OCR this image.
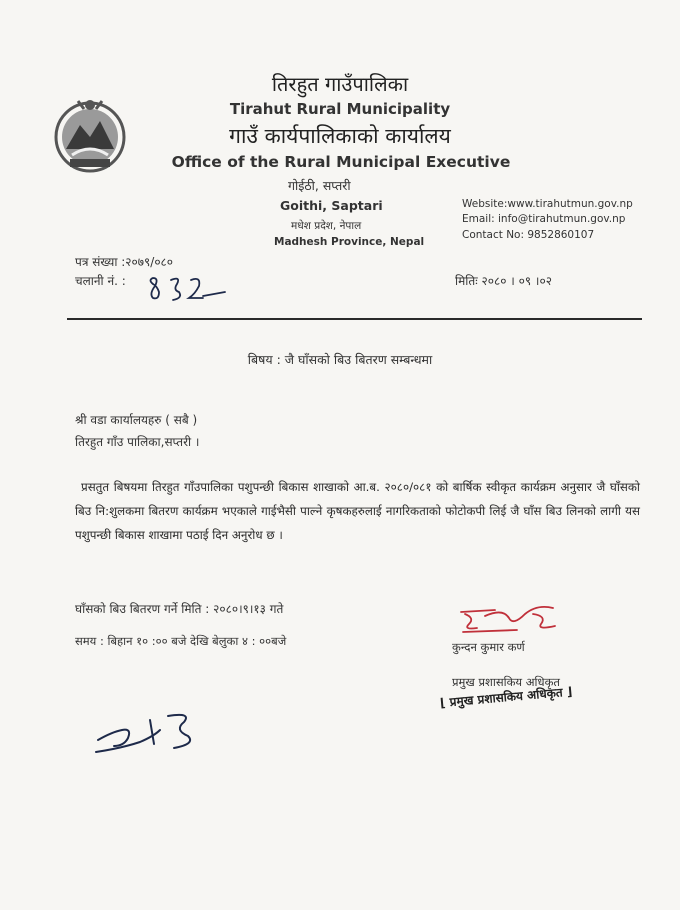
तिरहुत गाउँपालिका
Tirahut Rural Municipality
गाउँ कार्यपालिकाको कार्यालय
Office of the Rural Municipal Executive
गोईठी, सप्तरी
Goithi, Saptari
मधेश प्रदेश, नेपाल
Madhesh Province, Nepal
Website:www.tirahutmun.gov.np
Email: info@tirahutmun.gov.np
Contact No: 9852860107
पत्र संख्या :२०७९/०८०
चलानी नं. :	मितिः २०८० । ०९ ।०२
बिषय : जै घाँसको बिउ बितरण सम्बन्धमा
श्री वडा कार्यालयहरु ( सबै )
तिरहुत गाँउ पालिका,सप्तरी ।
प्रसतुत बिषयमा तिरहुत गाँउपालिका पशुपन्छी बिकास शाखाको आ.ब. २०८०/०८१ को बार्षिक स्वीकृत कार्यक्रम अनुसार जै घाँसको बिउ नि:शुलकमा बितरण कार्यक्रम भएकाले गाईभैसी पाल्ने कृषकहरुलाई नागरिकताको फोटोकपी लिई जै घाँस बिउ लिनको लागी यस पशुपन्छी बिकास शाखामा पठाई दिन अनुरोध छ ।
घाँसको बिउ बितरण गर्ने मिति : २०८०।९।१३ गते
समय : बिहान १० :०० बजे देखि बेलुका ४ : ००बजे	कुन्दन कुमार कर्ण
प्रमुख प्रशासकिय अधिकृत
⌊ प्रमुख प्रशासकिय अधिकृत ⌋
